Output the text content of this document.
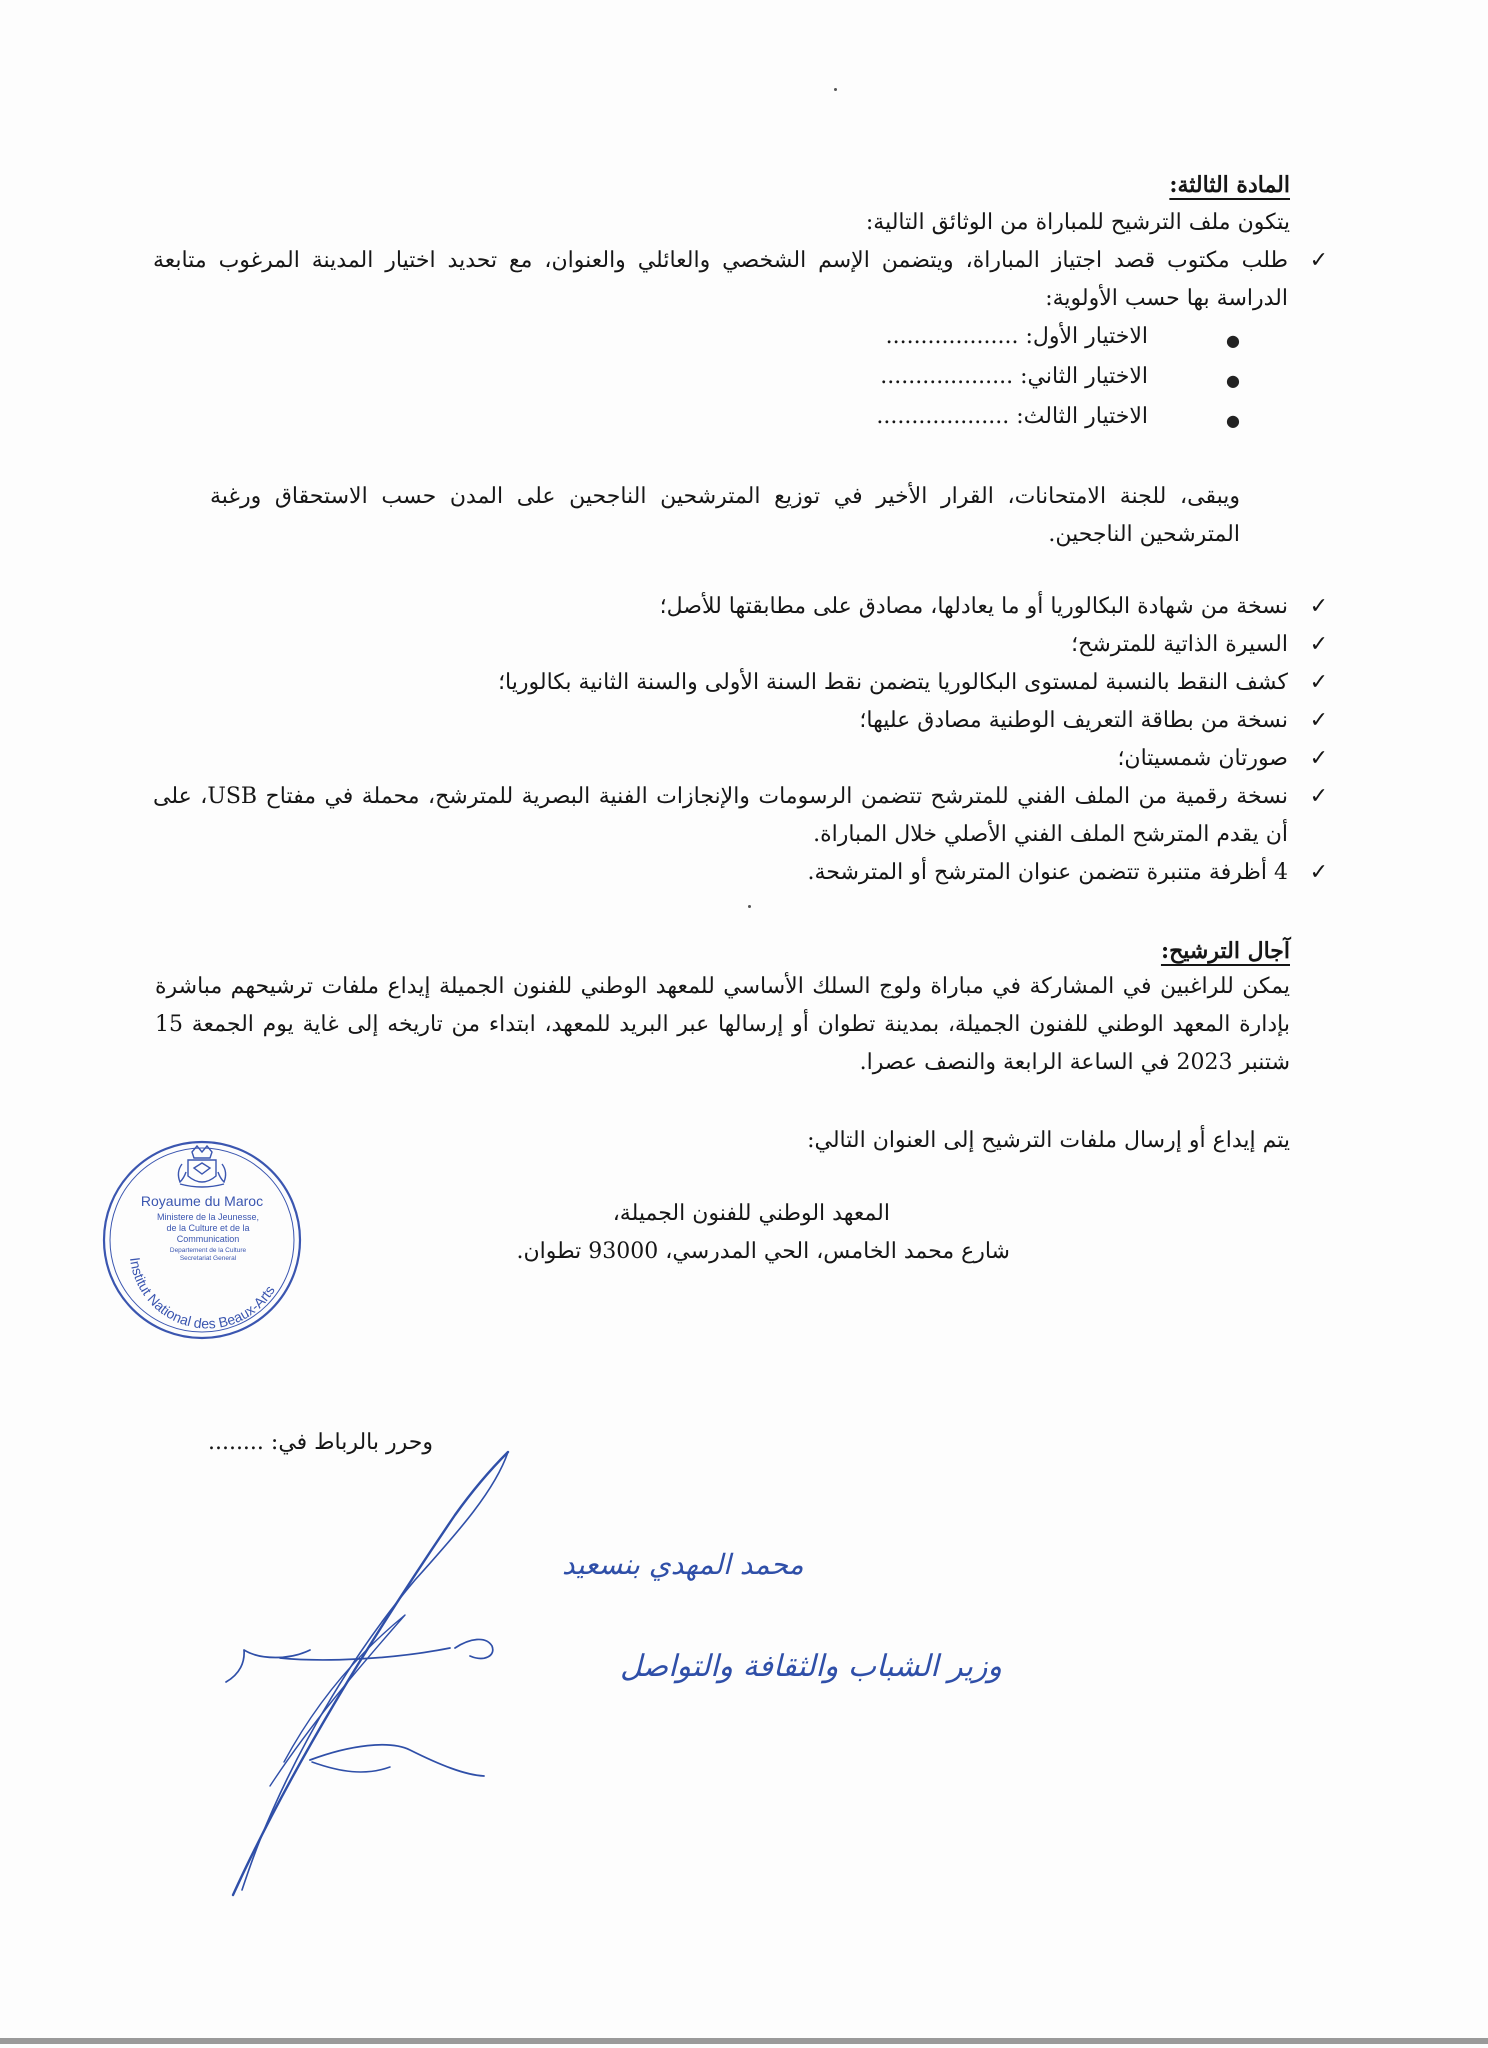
المادة الثالثة:
يتكون ملف الترشيح للمباراة من الوثائق التالية:
✓
طلب مكتوب قصد اجتياز المباراة، ويتضمن الإسم الشخصي والعائلي والعنوان، مع تحديد اختيار المدينة المرغوب متابعة الدراسة بها حسب الأولوية:
●
الاختيار الأول: ...................
●
الاختيار الثاني: ...................
●
الاختيار الثالث: ...................
ويبقى، للجنة الامتحانات، القرار الأخير في توزيع المترشحين الناجحين على المدن حسب الاستحقاق ورغبة المترشحين الناجحين.
✓
نسخة من شهادة البكالوريا أو ما يعادلها، مصادق على مطابقتها للأصل؛
✓
السيرة الذاتية للمترشح؛
✓
كشف النقط بالنسبة لمستوى البكالوريا يتضمن نقط السنة الأولى والسنة الثانية بكالوريا؛
✓
نسخة من بطاقة التعريف الوطنية مصادق عليها؛
✓
صورتان شمسيتان؛
✓
نسخة رقمية من الملف الفني للمترشح تتضمن الرسومات والإنجازات الفنية البصرية للمترشح، محملة في مفتاح USB، على أن يقدم المترشح الملف الفني الأصلي خلال المباراة.
✓
4 أظرفة متنبرة تتضمن عنوان المترشح أو المترشحة.
آجال الترشيح:
يمكن للراغبين في المشاركة في مباراة ولوج السلك الأساسي للمعهد الوطني للفنون الجميلة إيداع ملفات ترشيحهم مباشرة بإدارة المعهد الوطني للفنون الجميلة، بمدينة تطوان أو إرسالها عبر البريد للمعهد، ابتداء من تاريخه إلى غاية يوم الجمعة 15 شتنبر 2023 في الساعة الرابعة والنصف عصرا.
يتم إيداع أو إرسال ملفات الترشيح إلى العنوان التالي:
المعهد الوطني للفنون الجميلة،
شارع محمد الخامس، الحي المدرسي، 93000 تطوان.
Royaume du Maroc
Ministere de la Jeunesse,
de la Culture et de la
Communication
Departement de la Culture
Secretariat General
Institut National des Beaux-Arts
وحرر بالرباط في: ........
محمد المهدي بنسعيد
وزير الشباب والثقافة والتواصل
